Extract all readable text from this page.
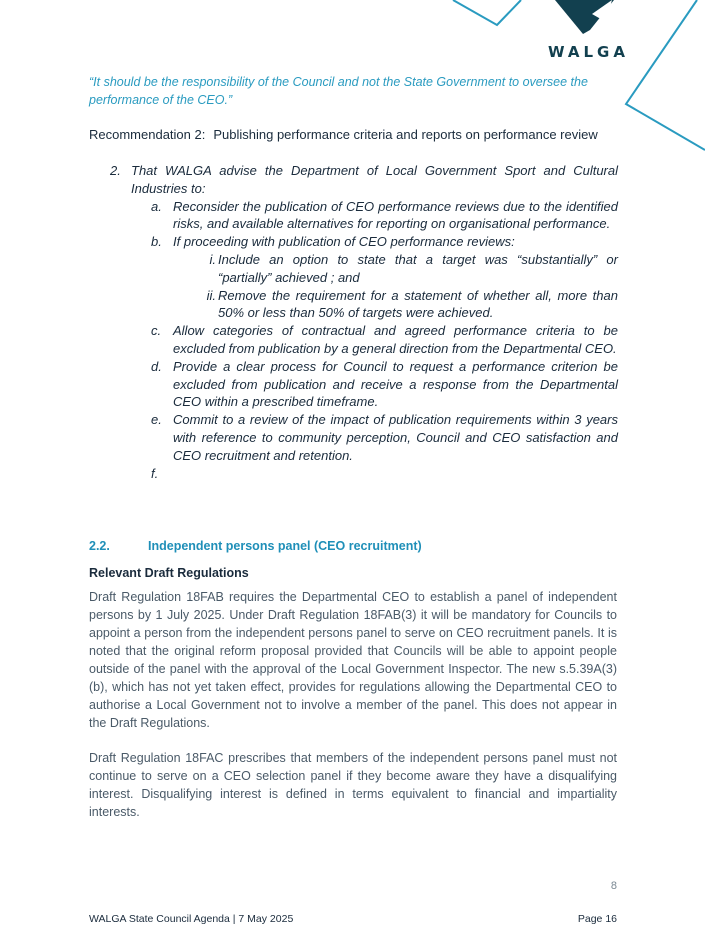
WALGA
“It should be the responsibility of the Council and not the State Government to oversee the performance of the CEO.”
Recommendation 2: Publishing performance criteria and reports on performance review
2. That WALGA advise the Department of Local Government Sport and Cultural Industries to:
a. Reconsider the publication of CEO performance reviews due to the identified risks, and available alternatives for reporting on organisational performance.
b. If proceeding with publication of CEO performance reviews:
i. Include an option to state that a target was “substantially” or “partially” achieved ; and
ii. Remove the requirement for a statement of whether all, more than 50% or less than 50% of targets were achieved.
c. Allow categories of contractual and agreed performance criteria to be excluded from publication by a general direction from the Departmental CEO.
d. Provide a clear process for Council to request a performance criterion be excluded from publication and receive a response from the Departmental CEO within a prescribed timeframe.
e. Commit to a review of the impact of publication requirements within 3 years with reference to community perception, Council and CEO satisfaction and CEO recruitment and retention.
f.
2.2.	Independent persons panel (CEO recruitment)
Relevant Draft Regulations
Draft Regulation 18FAB requires the Departmental CEO to establish a panel of independent persons by 1 July 2025. Under Draft Regulation 18FAB(3) it will be mandatory for Councils to appoint a person from the independent persons panel to serve on CEO recruitment panels. It is noted that the original reform proposal provided that Councils will be able to appoint people outside of the panel with the approval of the Local Government Inspector. The new s.5.39A(3)(b), which has not yet taken effect, provides for regulations allowing the Departmental CEO to authorise a Local Government not to involve a member of the panel. This does not appear in the Draft Regulations.
Draft Regulation 18FAC prescribes that members of the independent persons panel must not continue to serve on a CEO selection panel if they become aware they have a disqualifying interest. Disqualifying interest is defined in terms equivalent to financial and impartiality interests.
8
WALGA State Council Agenda | 7 May 2025	Page 16
